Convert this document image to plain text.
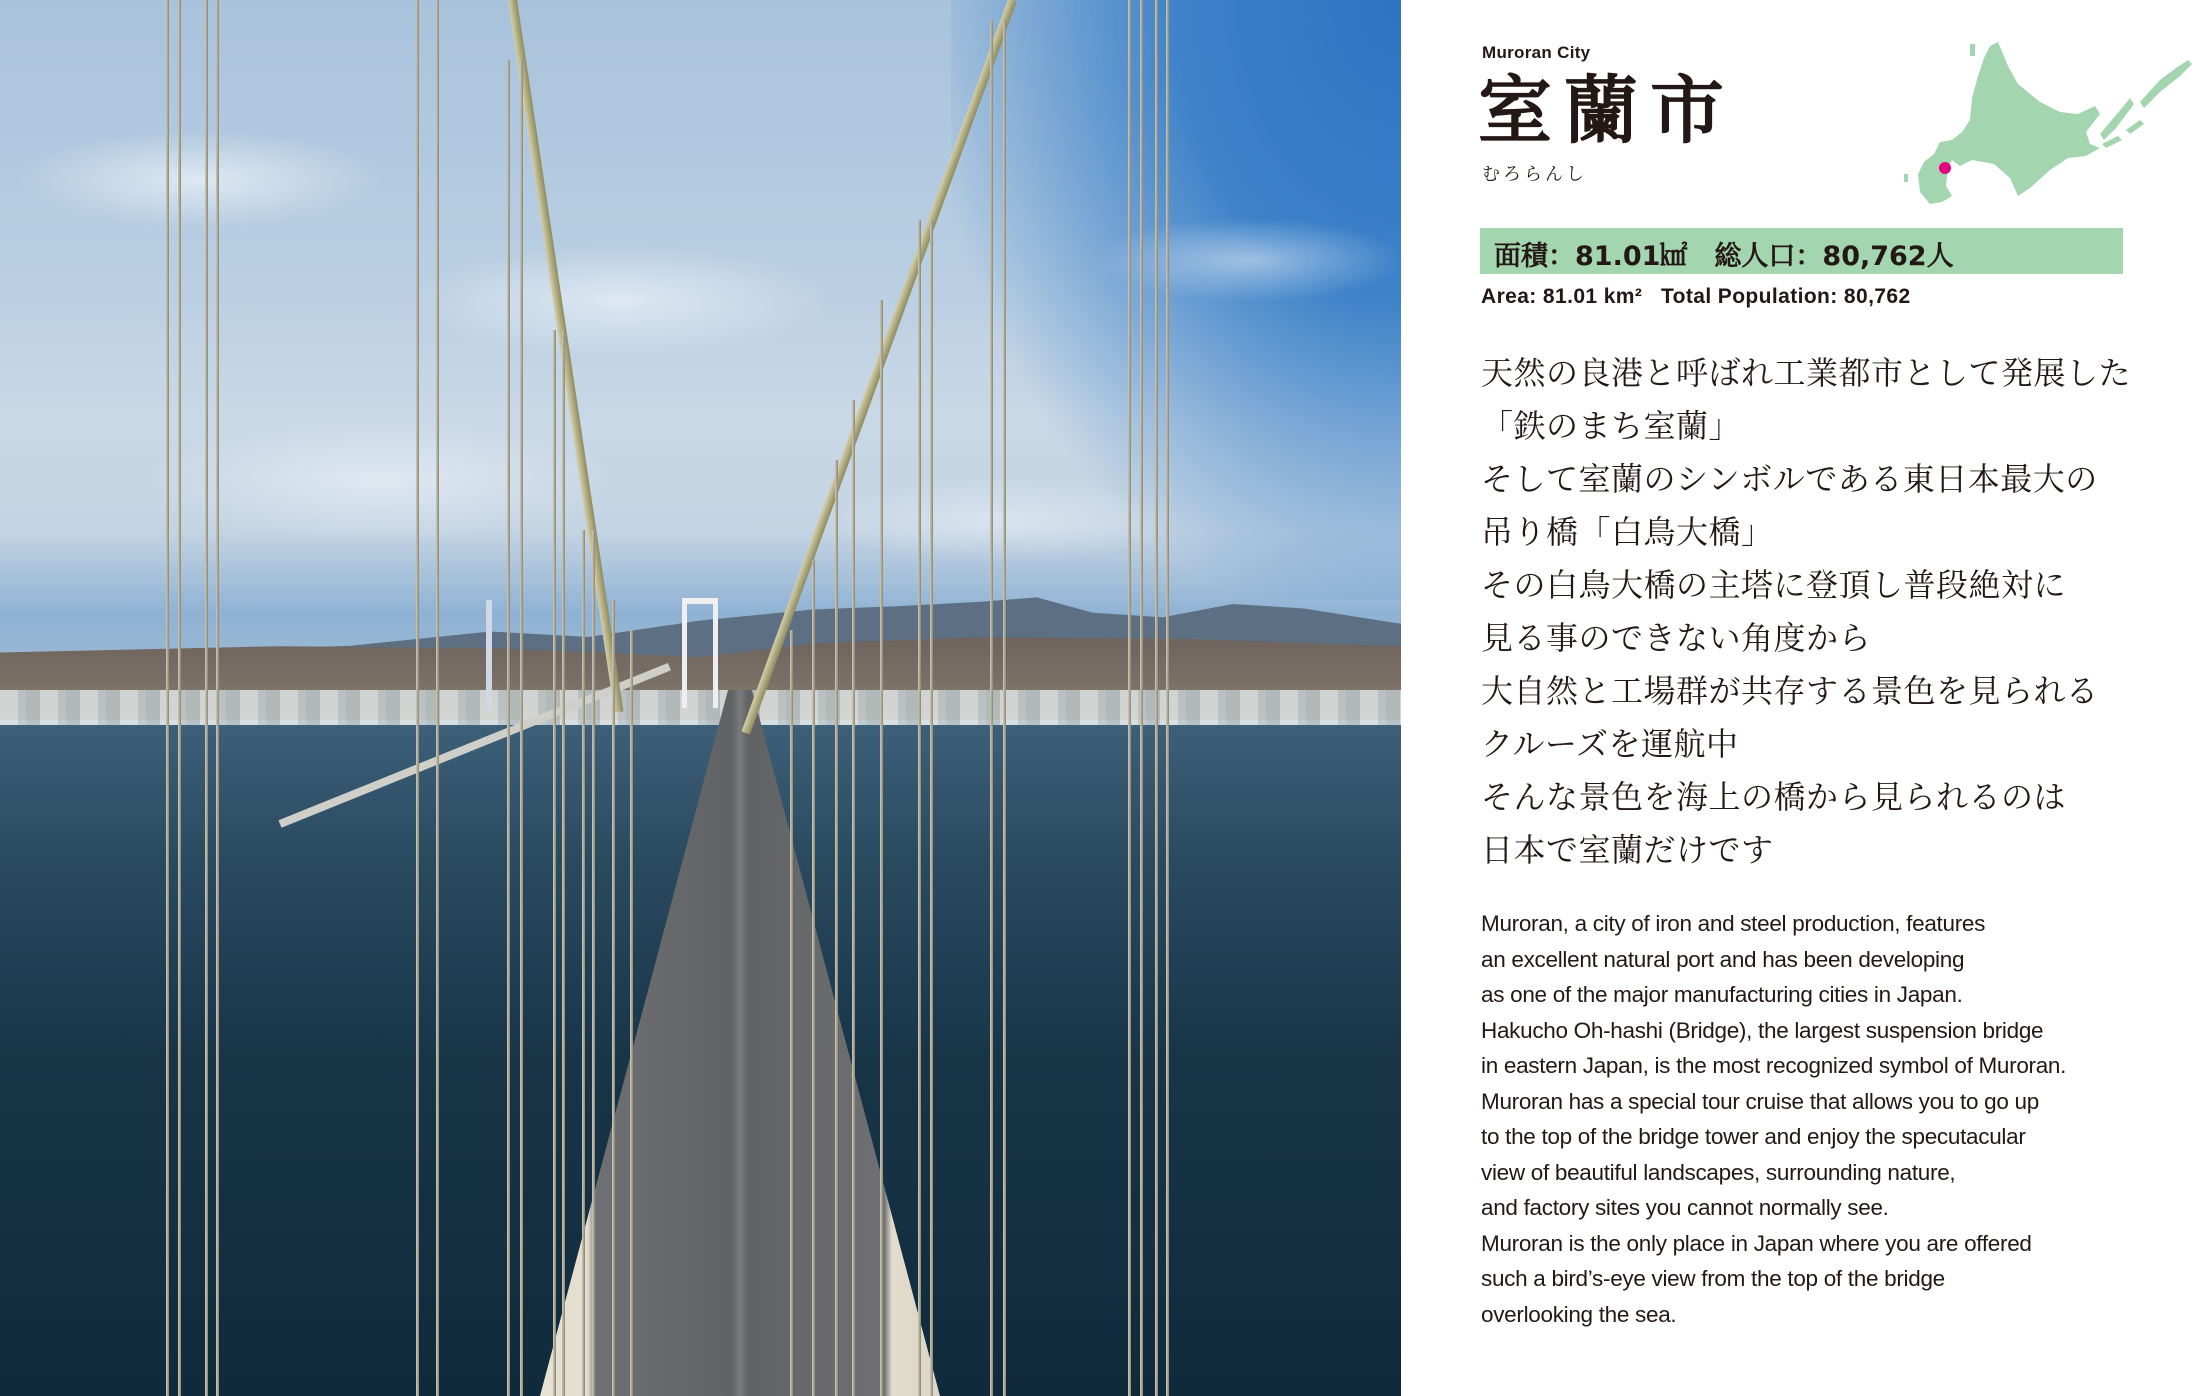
Muroran City
室蘭市
むろらんし
面積：81.01㎢　総人口：80,762人
Area: 81.01 km²   Total Population: 80,762
天然の良港と呼ばれ工業都市として発展した
「鉄のまち室蘭」
そして室蘭のシンボルである東日本最大の
吊り橋「白鳥大橋」
その白鳥大橋の主塔に登頂し普段絶対に
見る事のできない角度から
大自然と工場群が共存する景色を見られる
クルーズを運航中
そんな景色を海上の橋から見られるのは
日本で室蘭だけです
Muroran, a city of iron and steel production, features
an excellent natural port and has been developing
as one of the major manufacturing cities in Japan.
Hakucho Oh-hashi (Bridge), the largest suspension bridge
in eastern Japan, is the most recognized symbol of Muroran.
Muroran has a special tour cruise that allows you to go up
to the top of the bridge tower and enjoy the specutacular
view of beautiful landscapes, surrounding nature,
and factory sites you cannot normally see.
Muroran is the only place in Japan where you are offered
such a bird’s-eye view from the top of the bridge
overlooking the sea.
